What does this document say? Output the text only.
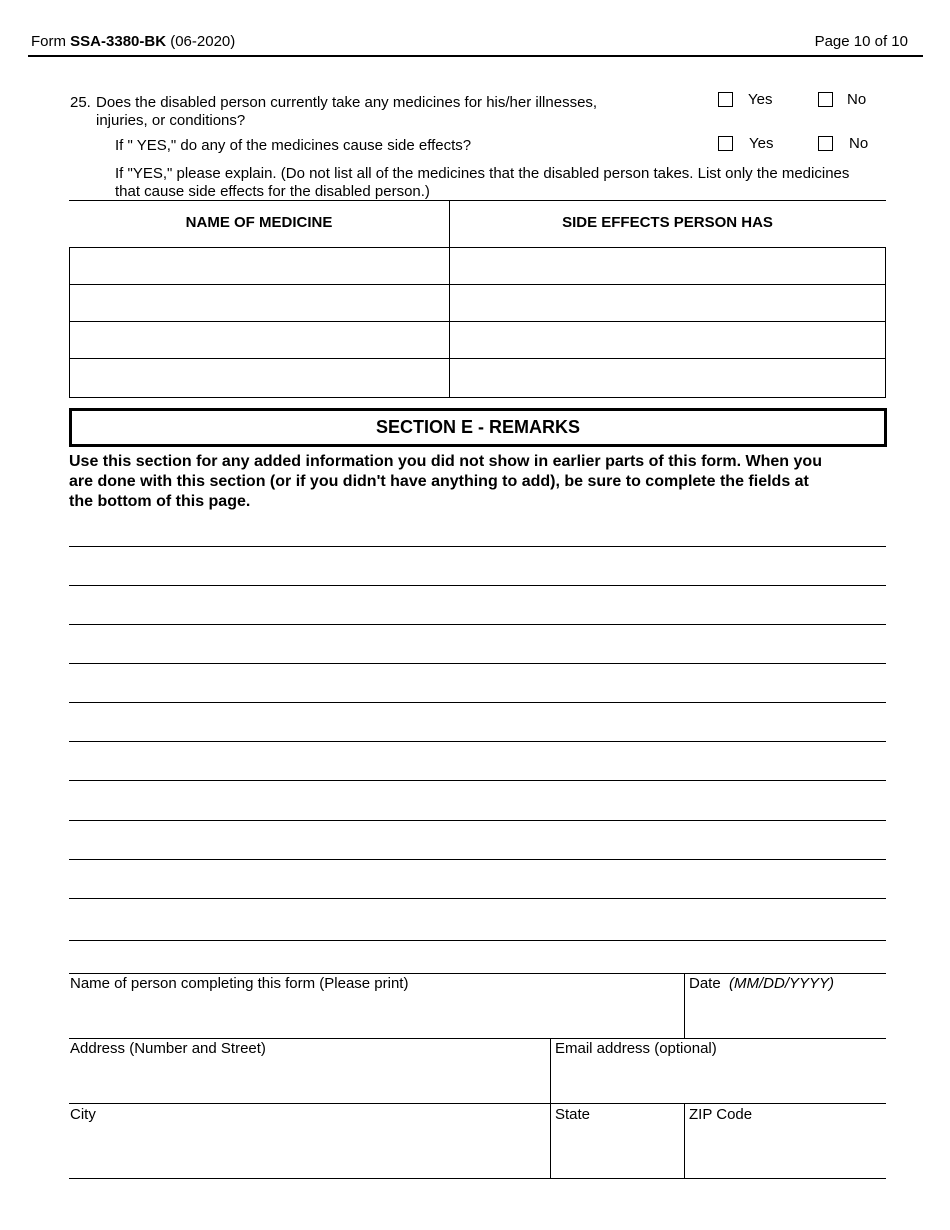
Form SSA-3380-BK (06-2020)	Page 10 of 10
25. Does the disabled person currently take any medicines for his/her illnesses,
injuries, or conditions?
Yes	No
If " YES," do any of the medicines cause side effects?	Yes	No
If "YES," please explain. (Do not list all of the medicines that the disabled person takes. List only the medicines
that cause side effects for the disabled person.)
NAME OF MEDICINE	SIDE EFFECTS PERSON HAS
SECTION E - REMARKS
Use this section for any added information you did not show in earlier parts of this form. When you
are done with this section (or if you didn't have anything to add), be sure to complete the fields at
the bottom of this page.
Name of person completing this form (Please print)	Date (MM/DD/YYYY)
Address (Number and Street)	Email address (optional)
City	State	ZIP Code
